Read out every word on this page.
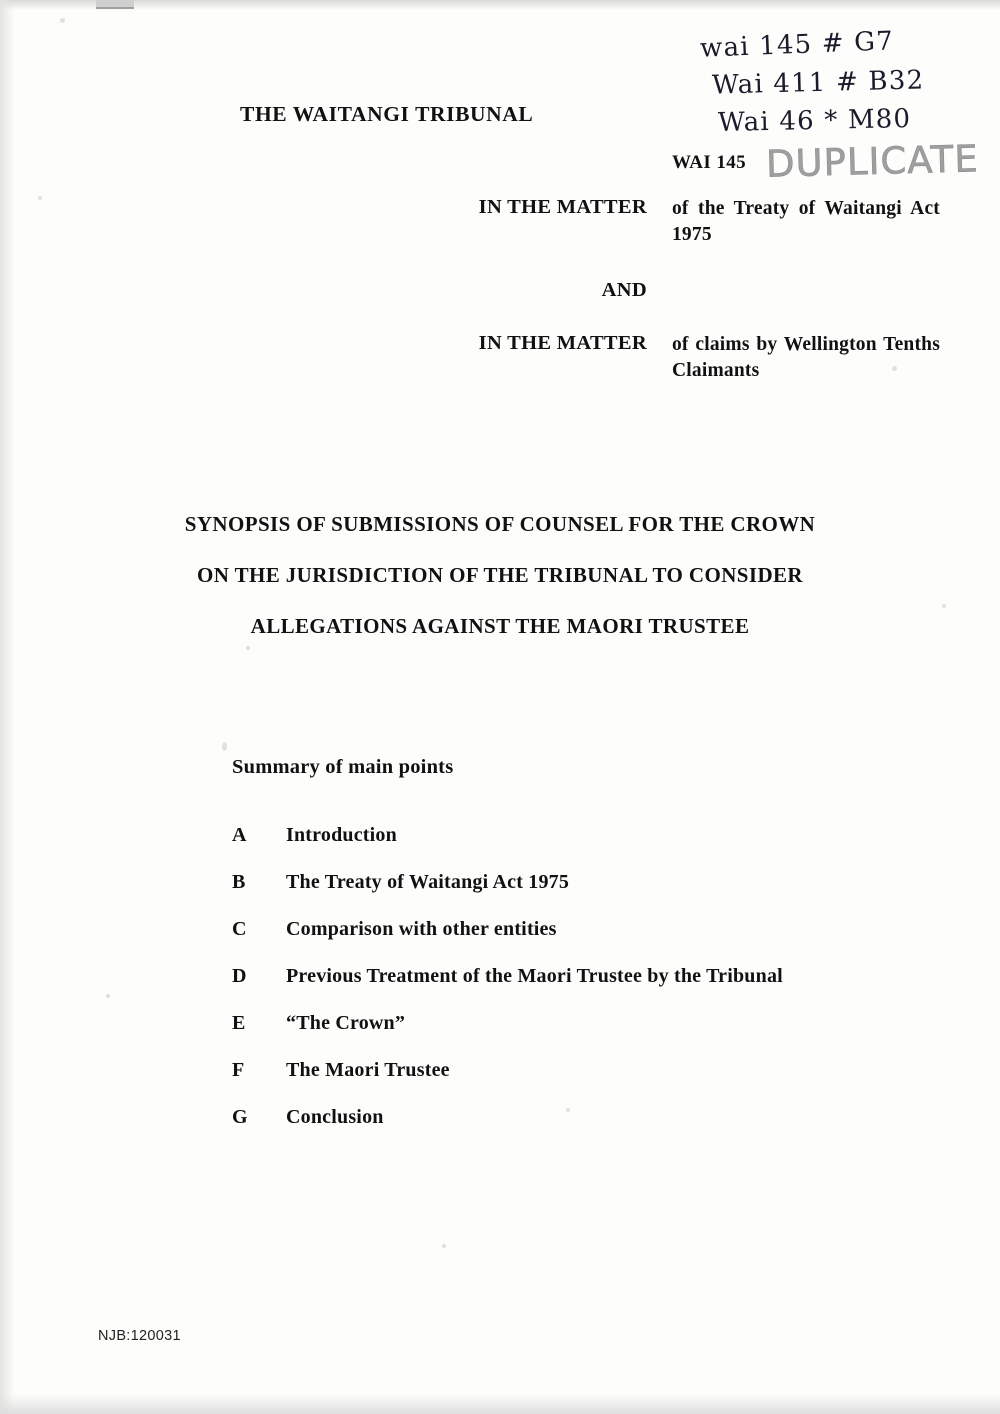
THE WAITANGI TRIBUNAL
wai 145 # G7
Wai 411 # B32
Wai 46 * M80
DUPLICATE
WAI 145
IN THE MATTER	of the Treaty of Waitangi Act 1975
AND
IN THE MATTER	of claims by Wellington Tenths Claimants
SYNOPSIS OF SUBMISSIONS OF COUNSEL FOR THE CROWN
ON THE JURISDICTION OF THE TRIBUNAL TO CONSIDER
ALLEGATIONS AGAINST THE MAORI TRUSTEE
Summary of main points
A	Introduction
B	The Treaty of Waitangi Act 1975
C	Comparison with other entities
D	Previous Treatment of the Maori Trustee by the Tribunal
E	“The Crown”
F	The Maori Trustee
G	Conclusion
NJB:120031
